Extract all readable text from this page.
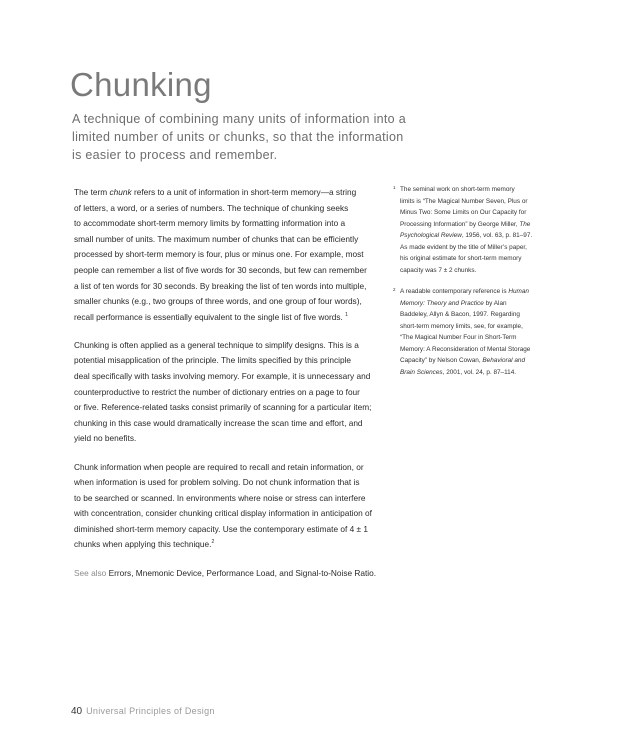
Chunking
A technique of combining many units of information into a
limited number of units or chunks, so that the information
is easier to process and remember.
The term chunk refers to a unit of information in short-term memory—a string
of letters, a word, or a series of numbers. The technique of chunking seeks
to accommodate short-term memory limits by formatting information into a
small number of units. The maximum number of chunks that can be efficiently
processed by short-term memory is four, plus or minus one. For example, most
people can remember a list of five words for 30 seconds, but few can remember
a list of ten words for 30 seconds. By breaking the list of ten words into multiple,
smaller chunks (e.g., two groups of three words, and one group of four words),
recall performance is essentially equivalent to the single list of five words. $^1$
Chunking is often applied as a general technique to simplify designs. This is a
potential misapplication of the principle. The limits specified by this principle
deal specifically with tasks involving memory. For example, it is unnecessary and
counterproductive to restrict the number of dictionary entries on a page to four
or five. Reference-related tasks consist primarily of scanning for a particular item;
chunking in this case would dramatically increase the scan time and effort, and
yield no benefits.
Chunk information when people are required to recall and retain information, or
when information is used for problem solving. Do not chunk information that is
to be searched or scanned. In environments where noise or stress can interfere
with concentration, consider chunking critical display information in anticipation of
diminished short-term memory capacity. Use the contemporary estimate of 4 ± 1
chunks when applying this technique.$^2$
See also Errors, Mnemonic Device, Performance Load, and Signal-to-Noise Ratio.
1 The seminal work on short-term memory
limits is “The Magical Number Seven, Plus or
Minus Two: Some Limits on Our Capacity for
Processing Information” by George Miller, The
Psychological Review, 1956, vol. 63, p. 81–97.
As made evident by the title of Miller’s paper,
his original estimate for short-term memory
capacity was 7 ± 2 chunks.
2 A readable contemporary reference is Human
Memory: Theory and Practice by Alan
Baddeley, Allyn & Bacon, 1997. Regarding
short-term memory limits, see, for example,
“The Magical Number Four in Short-Term
Memory: A Reconsideration of Mental Storage
Capacity” by Nelson Cowan, Behavioral and
Brain Sciences, 2001, vol. 24, p. 87–114.
40 Universal Principles of Design
